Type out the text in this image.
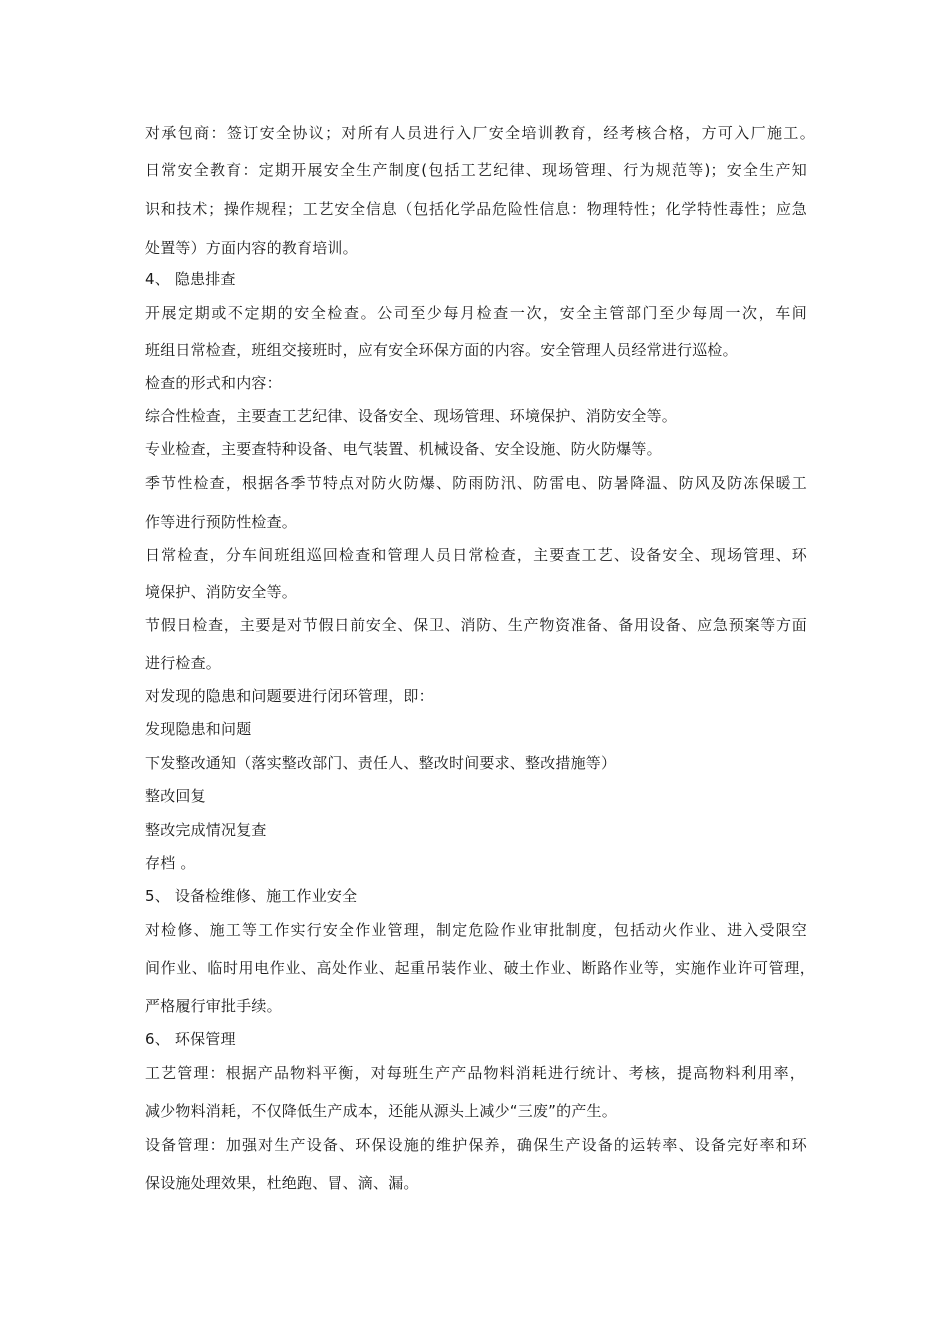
对承包商：签订安全协议；对所有人员进行入厂安全培训教育，经考核合格，方可入厂施工。
日常安全教育：定期开展安全生产制度(包括工艺纪律、现场管理、行为规范等)；安全生产知
识和技术；操作规程；工艺安全信息（包括化学品危险性信息：物理特性；化学特性毒性；应急
处置等）方面内容的教育培训。
4、 隐患排查
开展定期或不定期的安全检查。公司至少每月检查一次，安全主管部门至少每周一次，车间
班组日常检查，班组交接班时，应有安全环保方面的内容。安全管理人员经常进行巡检。
检查的形式和内容：
综合性检查，主要查工艺纪律、设备安全、现场管理、环境保护、消防安全等。
专业检查，主要查特种设备、电气装置、机械设备、安全设施、防火防爆等。
季节性检查，根据各季节特点对防火防爆、防雨防汛、防雷电、防暑降温、防风及防冻保暖工
作等进行预防性检查。
日常检查，分车间班组巡回检查和管理人员日常检查，主要查工艺、设备安全、现场管理、环
境保护、消防安全等。
节假日检查，主要是对节假日前安全、保卫、消防、生产物资准备、备用设备、应急预案等方面
进行检查。
对发现的隐患和问题要进行闭环管理，即：
发现隐患和问题
下发整改通知（落实整改部门、责任人、整改时间要求、整改措施等）
整改回复
整改完成情况复查
存档 。
5、 设备检维修、施工作业安全
对检修、施工等工作实行安全作业管理，制定危险作业审批制度，包括动火作业、进入受限空
间作业、临时用电作业、高处作业、起重吊装作业、破土作业、断路作业等，实施作业许可管理，
严格履行审批手续。
6、 环保管理
工艺管理：根据产品物料平衡，对每班生产产品物料消耗进行统计、考核，提高物料利用率，
减少物料消耗，不仅降低生产成本，还能从源头上减少“三废”的产生。
设备管理：加强对生产设备、环保设施的维护保养，确保生产设备的运转率、设备完好率和环
保设施处理效果，杜绝跑、冒、滴、漏。
